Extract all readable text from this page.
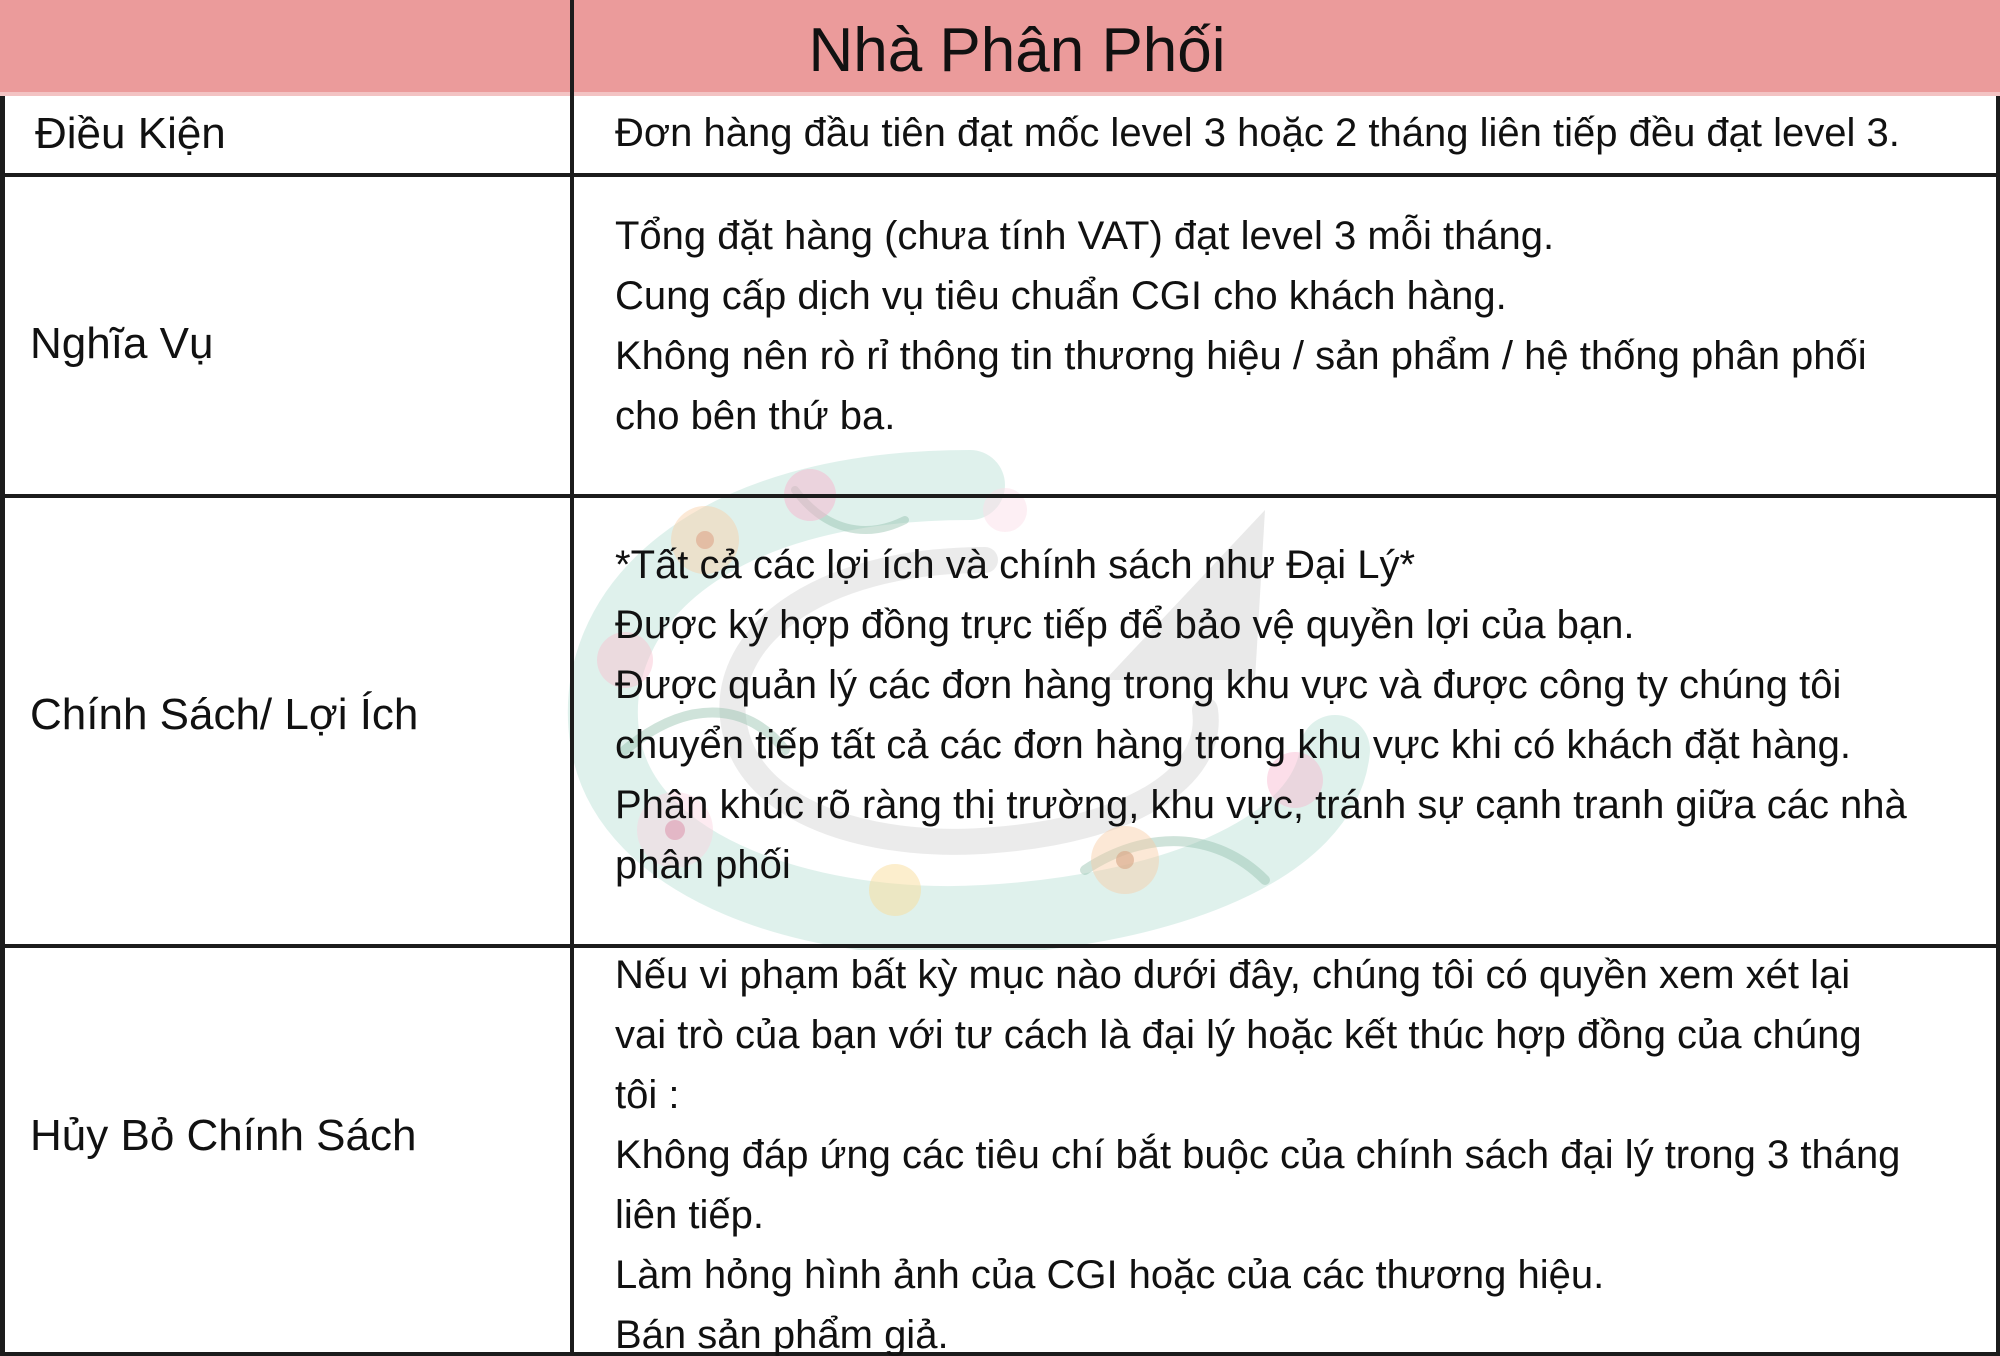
Nhà Phân Phối
Điều Kiện	Đơn hàng đầu tiên đạt mốc level 3 hoặc 2 tháng liên tiếp đều đạt level 3.
Nghĩa Vụ
Tổng đặt hàng (chưa tính VAT) đạt level 3 mỗi tháng.
Cung cấp dịch vụ tiêu chuẩn CGI cho khách hàng.
Không nên rò rỉ thông tin thương hiệu / sản phẩm / hệ thống phân phối
cho bên thứ ba.
Chính Sách/ Lợi Ích
*Tất cả các lợi ích và chính sách như Đại Lý*
Được ký hợp đồng trực tiếp để bảo vệ quyền lợi của bạn.
Được quản lý các đơn hàng trong khu vực và được công ty chúng tôi
chuyển tiếp tất cả các đơn hàng trong khu vực khi có khách đặt hàng.
Phân khúc rõ ràng thị trường, khu vực, tránh sự cạnh tranh giữa các nhà
phân phối
Hủy Bỏ Chính Sách
Nếu vi phạm bất kỳ mục nào dưới đây, chúng tôi có quyền xem xét lại
vai trò của bạn với tư cách là đại lý hoặc kết thúc hợp đồng của chúng
tôi :
Không đáp ứng các tiêu chí bắt buộc của chính sách đại lý trong 3 tháng
liên tiếp.
Làm hỏng hình ảnh của CGI hoặc của các thương hiệu.
Bán sản phẩm giả.
